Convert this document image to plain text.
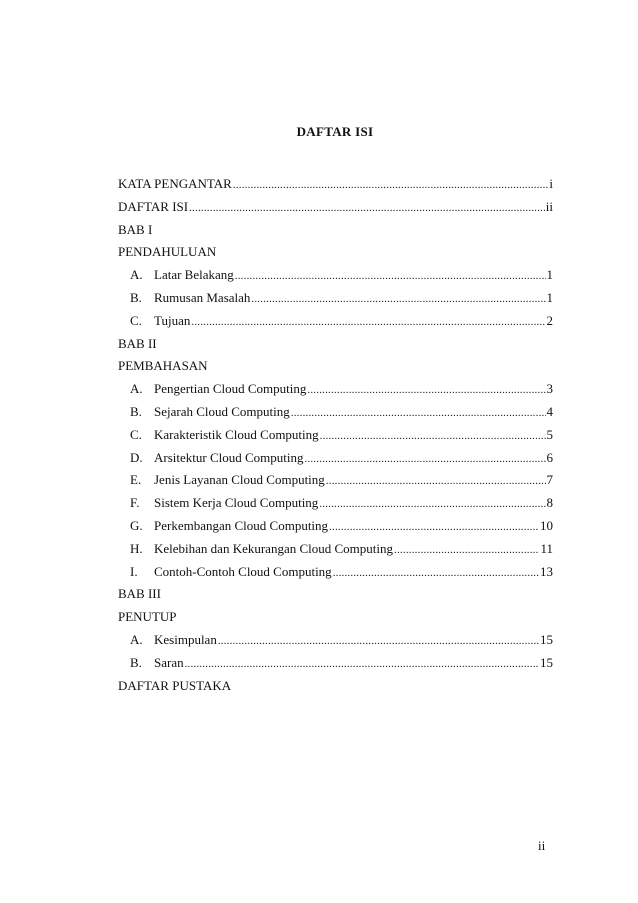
DAFTAR ISI
KATA PENGANTAR .....	i
DAFTAR ISI .....	ii
BAB I
PENDAHULUAN
A. Latar Belakang .....	1
B. Rumusan Masalah .....	1
C. Tujuan .....	2
BAB II
PEMBAHASAN
A. Pengertian Cloud Computing .....	3
B. Sejarah Cloud Computing .....	4
C. Karakteristik Cloud Computing .....	5
D. Arsitektur Cloud Computing .....	6
E. Jenis Layanan Cloud Computing .....	7
F.	Sistem Kerja Cloud Computing .....	8
G. Perkembangan Cloud Computing .....	10
H. Kelebihan dan Kekurangan Cloud Computing .....	11
I.	Contoh-Contoh Cloud Computing .....	13
BAB III
PENUTUP
A. Kesimpulan .....	15
B. Saran .....	15
DAFTAR PUSTAKA
ii
